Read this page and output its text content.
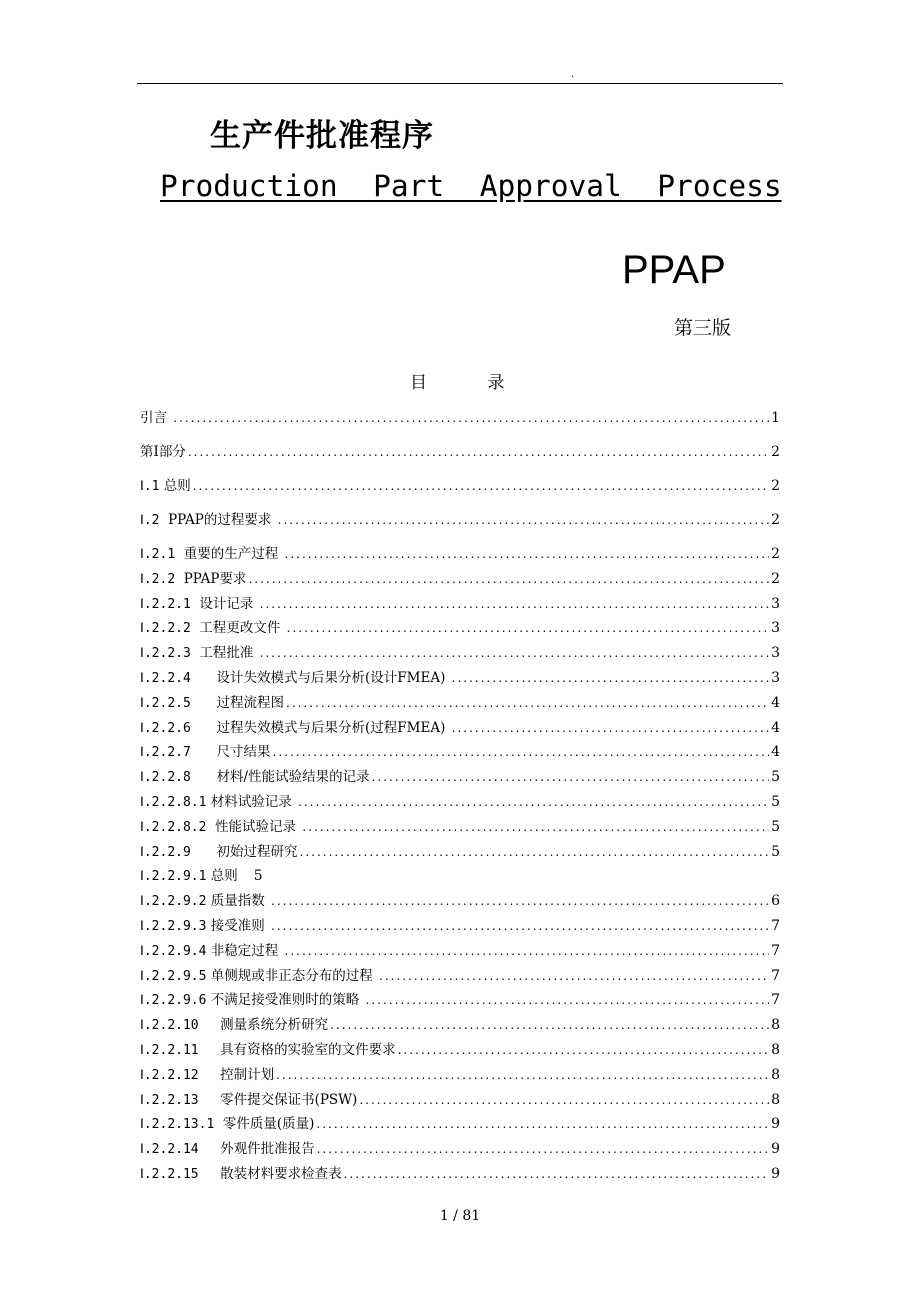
.
生产件批准程序
Production  Part  Approval  Process
PPAP
第三版
目 录
引言 .....	1
第Ⅰ部分 .....	2
Ⅰ.1 总则 .....	2
Ⅰ.2  PPAP的过程要求 .....	2
Ⅰ.2.1  重要的生产过程 .....	2
Ⅰ.2.2  PPAP要求 .....	2
Ⅰ.2.2.1  设计记录 .....	3
Ⅰ.2.2.2  工程更改文件 .....	3
Ⅰ.2.2.3  工程批准 .....	3
Ⅰ.2.2.4      设计失效模式与后果分析(设计FMEA) .....	3
Ⅰ.2.2.5      过程流程图 .....	4
Ⅰ.2.2.6      过程失效模式与后果分析(过程FMEA) .....	4
Ⅰ.2.2.7      尺寸结果 .....	4
Ⅰ.2.2.8      材料/性能试验结果的记录 .....	5
Ⅰ.2.2.8.1 材料试验记录 .....	5
Ⅰ.2.2.8.2  性能试验记录 .....	5
Ⅰ.2.2.9      初始过程研究 .....	5
Ⅰ.2.2.9.1 总则 5
Ⅰ.2.2.9.2 质量指数 .....	6
Ⅰ.2.2.9.3 接受准则 .....	7
Ⅰ.2.2.9.4 非稳定过程 .....	7
Ⅰ.2.2.9.5 单侧规或非正态分布的过程 .....	7
Ⅰ.2.2.9.6 不满足接受准则时的策略 .....	7
Ⅰ.2.2.10     测量系统分析研究 .....	8
Ⅰ.2.2.11     具有资格的实验室的文件要求 .....	8
Ⅰ.2.2.12     控制计划 .....	8
Ⅰ.2.2.13     零件提交保证书(PSW) .....	8
Ⅰ.2.2.13.1  零件质量(质量) .....	9
Ⅰ.2.2.14     外观件批准报告 .....	9
Ⅰ.2.2.15     散装材料要求检查表 .....	9
1 / 81
